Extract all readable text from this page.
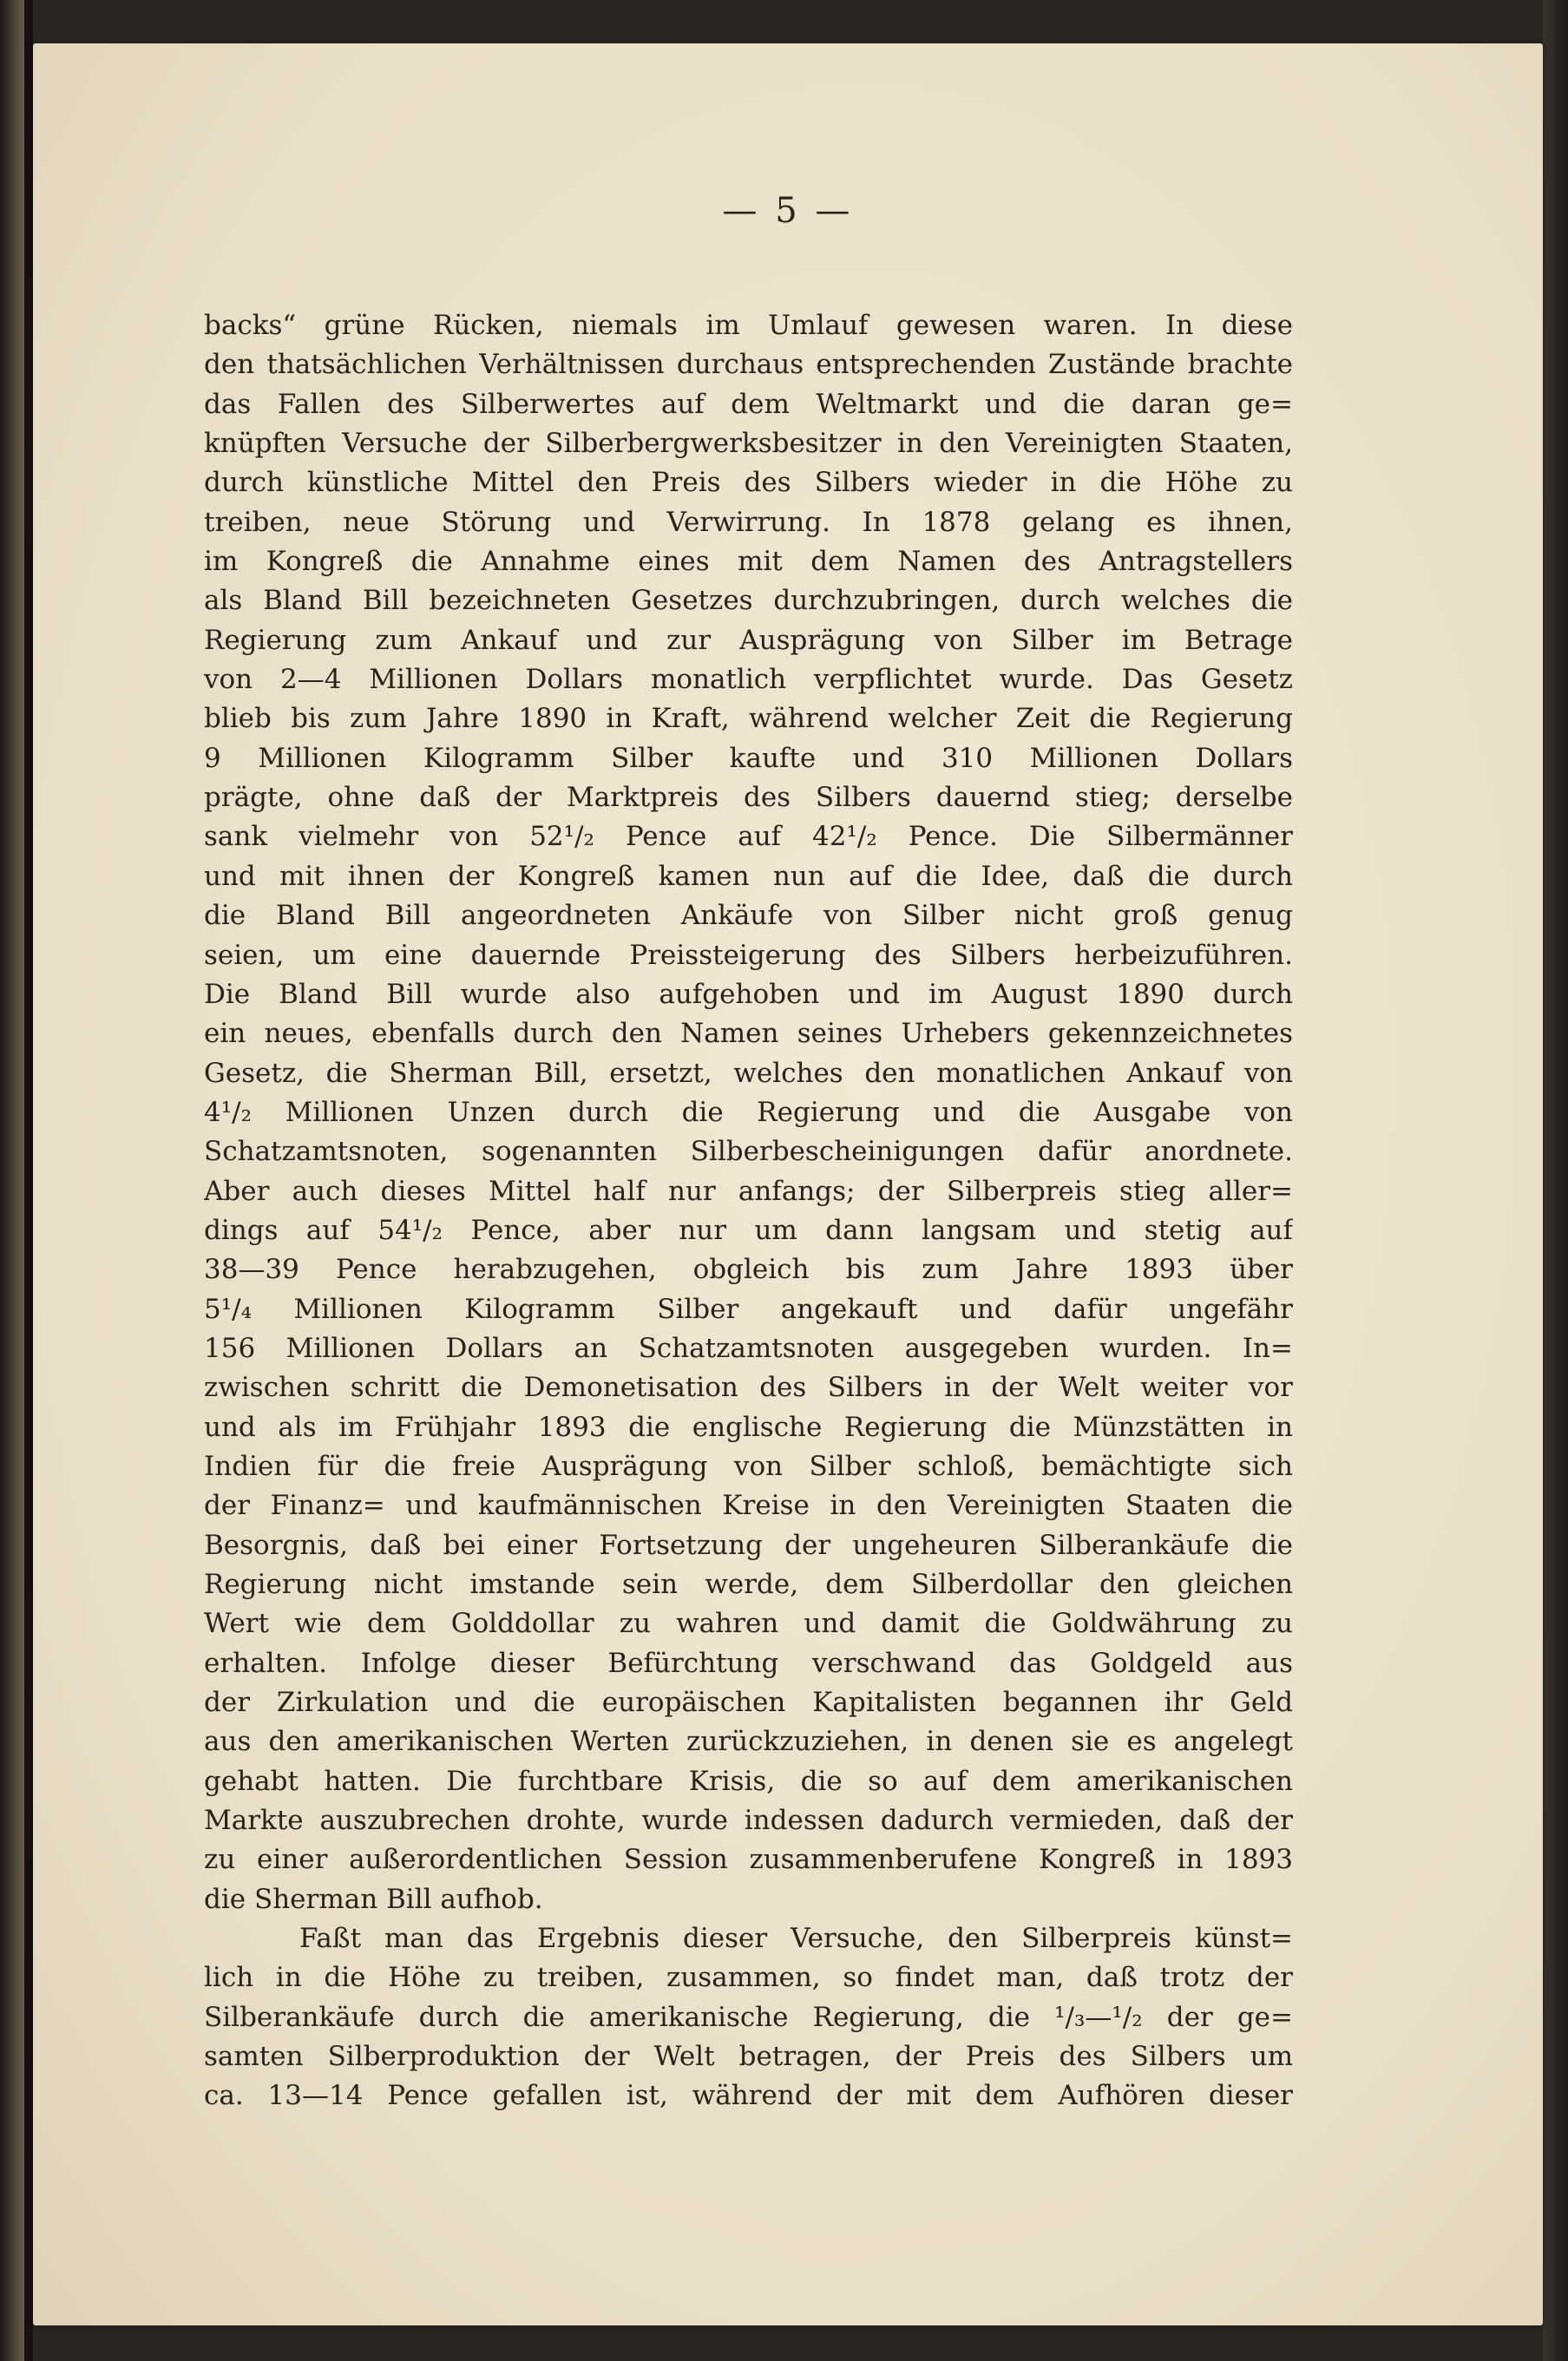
— 5 —
backs“ grüne Rücken, niemals im Umlauf gewesen waren. In diese
den thatsächlichen Verhältnissen durchaus entsprechenden Zustände brachte
das Fallen des Silberwertes auf dem Weltmarkt und die daran ge=
knüpften Versuche der Silberbergwerksbesitzer in den Vereinigten Staaten,
durch künstliche Mittel den Preis des Silbers wieder in die Höhe zu
treiben, neue Störung und Verwirrung. In 1878 gelang es ihnen,
im Kongreß die Annahme eines mit dem Namen des Antragstellers
als Bland Bill bezeichneten Gesetzes durchzubringen, durch welches die
Regierung zum Ankauf und zur Ausprägung von Silber im Betrage
von 2—4 Millionen Dollars monatlich verpflichtet wurde. Das Gesetz
blieb bis zum Jahre 1890 in Kraft, während welcher Zeit die Regierung
9 Millionen Kilogramm Silber kaufte und 310 Millionen Dollars
prägte, ohne daß der Marktpreis des Silbers dauernd stieg; derselbe
sank vielmehr von 52¹/₂ Pence auf 42¹/₂ Pence. Die Silbermänner
und mit ihnen der Kongreß kamen nun auf die Idee, daß die durch
die Bland Bill angeordneten Ankäufe von Silber nicht groß genug
seien, um eine dauernde Preissteigerung des Silbers herbeizuführen.
Die Bland Bill wurde also aufgehoben und im August 1890 durch
ein neues, ebenfalls durch den Namen seines Urhebers gekennzeichnetes
Gesetz, die Sherman Bill, ersetzt, welches den monatlichen Ankauf von
4¹/₂ Millionen Unzen durch die Regierung und die Ausgabe von
Schatzamtsnoten, sogenannten Silberbescheinigungen dafür anordnete.
Aber auch dieses Mittel half nur anfangs; der Silberpreis stieg aller=
dings auf 54¹/₂ Pence, aber nur um dann langsam und stetig auf
38—39 Pence herabzugehen, obgleich bis zum Jahre 1893 über
5¹/₄ Millionen Kilogramm Silber angekauft und dafür ungefähr
156 Millionen Dollars an Schatzamtsnoten ausgegeben wurden. In=
zwischen schritt die Demonetisation des Silbers in der Welt weiter vor
und als im Frühjahr 1893 die englische Regierung die Münzstätten in
Indien für die freie Ausprägung von Silber schloß, bemächtigte sich
der Finanz= und kaufmännischen Kreise in den Vereinigten Staaten die
Besorgnis, daß bei einer Fortsetzung der ungeheuren Silberankäufe die
Regierung nicht imstande sein werde, dem Silberdollar den gleichen
Wert wie dem Golddollar zu wahren und damit die Goldwährung zu
erhalten. Infolge dieser Befürchtung verschwand das Goldgeld aus
der Zirkulation und die europäischen Kapitalisten begannen ihr Geld
aus den amerikanischen Werten zurückzuziehen, in denen sie es angelegt
gehabt hatten. Die furchtbare Krisis, die so auf dem amerikanischen
Markte auszubrechen drohte, wurde indessen dadurch vermieden, daß der
zu einer außerordentlichen Session zusammenberufene Kongreß in 1893
die Sherman Bill aufhob.
Faßt man das Ergebnis dieser Versuche, den Silberpreis künst=
lich in die Höhe zu treiben, zusammen, so findet man, daß trotz der
Silberankäufe durch die amerikanische Regierung, die ¹/₃—¹/₂ der ge=
samten Silberproduktion der Welt betragen, der Preis des Silbers um
ca. 13—14 Pence gefallen ist, während der mit dem Aufhören dieser
